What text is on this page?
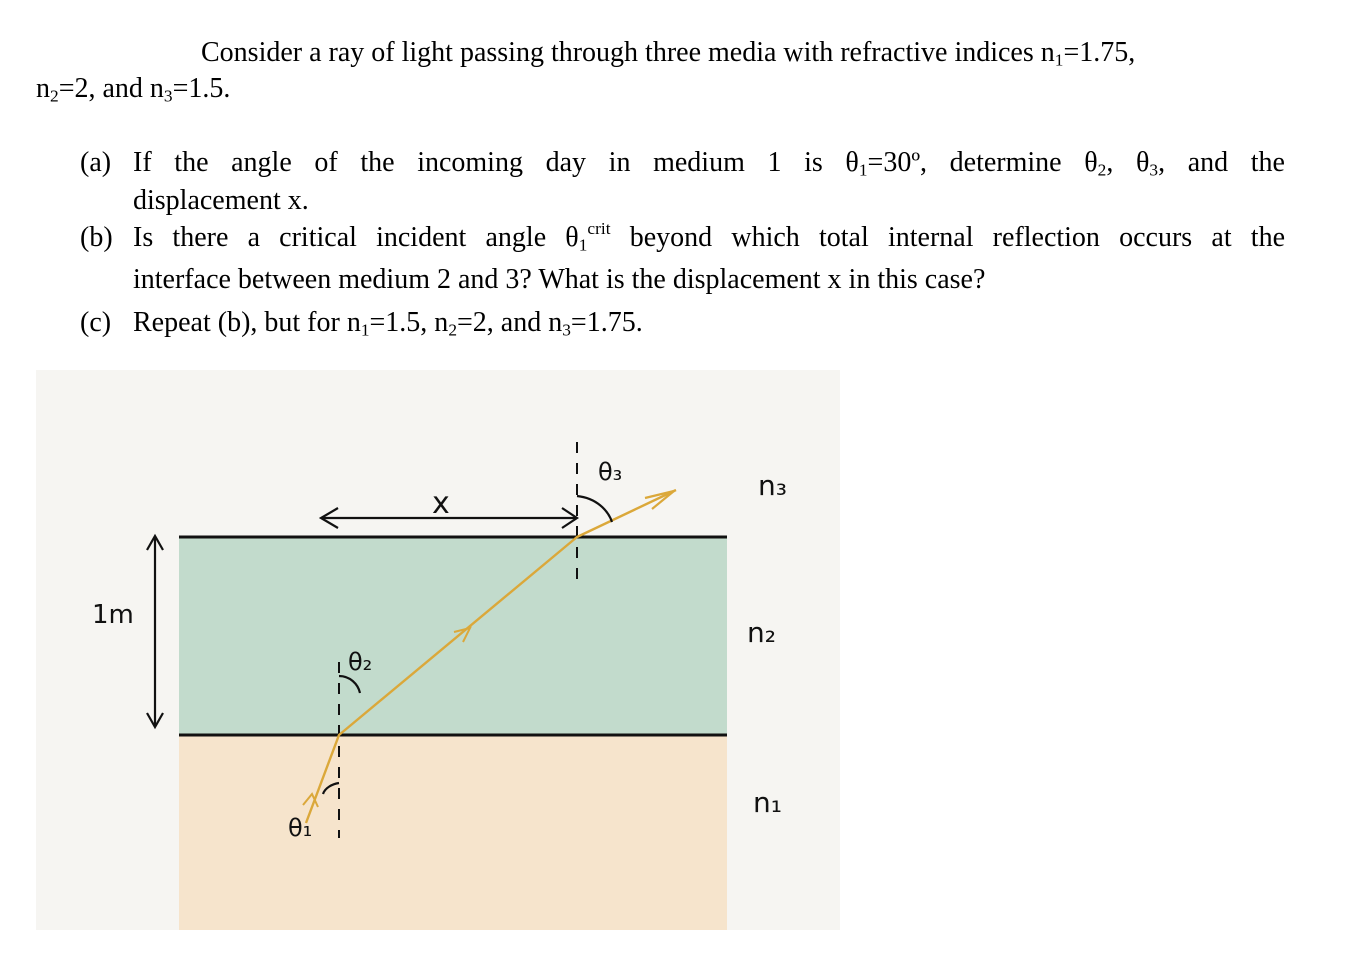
Consider a ray of light passing through three media with refractive indices $n_1=1.75$,
$n_2=2$, and $n_3=1.5$.
(a) If the angle of the incoming day in medium 1 is $\theta_1=30º$, determine $\theta_2$, $\theta_3$, and the
displacement x.
(b) Is there a critical incident angle $\theta_1^{crit}$ beyond which total internal reflection occurs at the
interface between medium 2 and 3? What is the displacement x in this case?
(c) Repeat (b), but for $n_1=1.5$, $n_2=2$, and $n_3=1.75$.
x
1m
n₃
n₂
n₁
θ₃
θ₂
θ₁
